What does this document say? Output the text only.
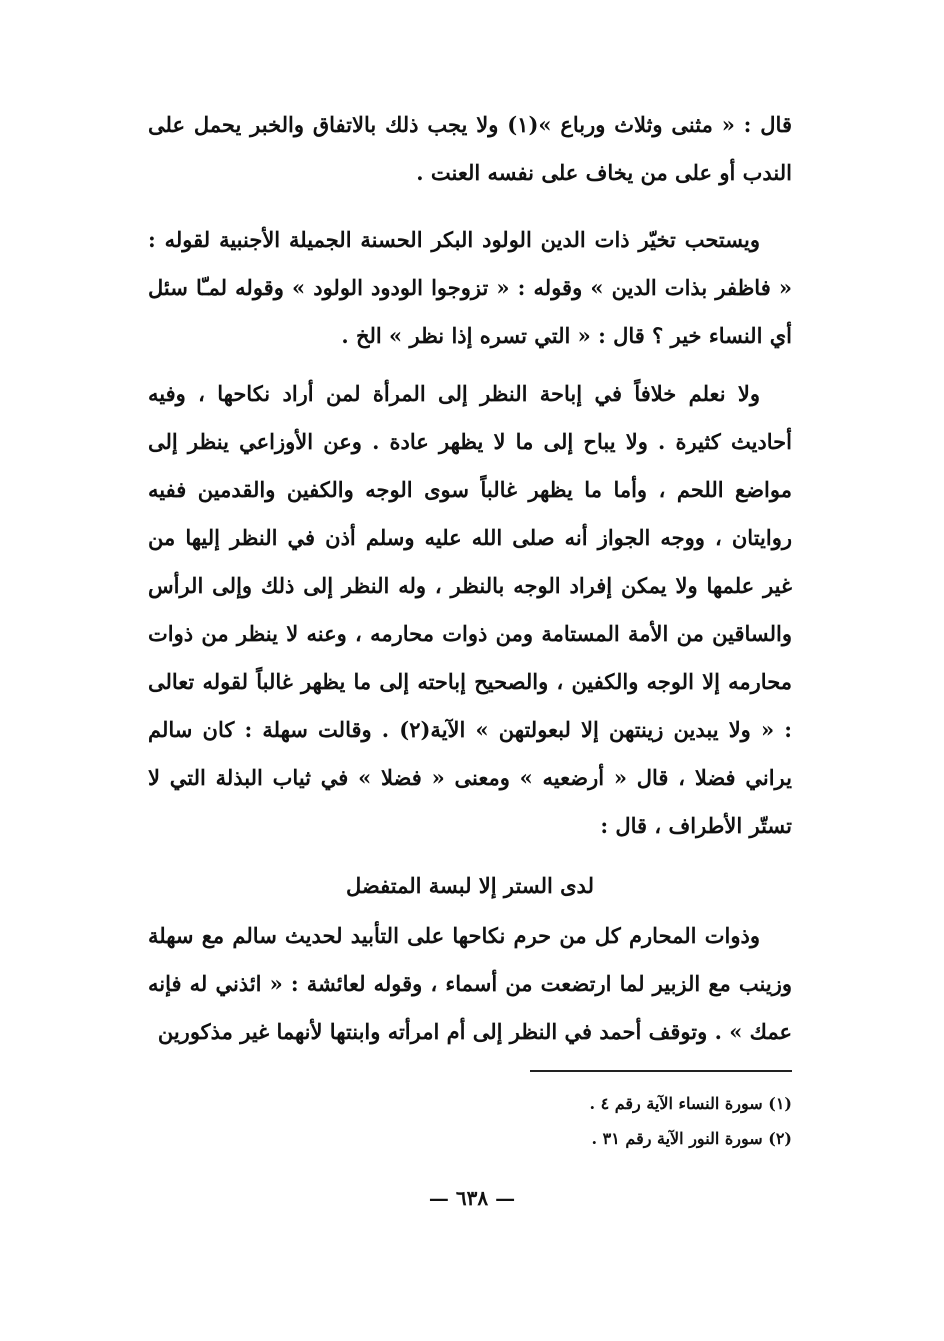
قال : « مثنى وثلاث ورباع »(١) ولا يجب ذلك بالاتفاق والخبر يحمل على الندب أو على من يخاف على نفسه العنت .

ويستحب تخيّر ذات الدين الولود البكر الحسنة الجميلة الأجنبية لقوله : « فاظفر بذات الدين » وقوله : « تزوجوا الودود الولود » وقوله لمـّا سئل أي النساء خير ؟ قال : « التي تسره إذا نظر » الخ .

ولا نعلم خلافاً في إباحة النظر إلى المرأة لمن أراد نكاحها ، وفيه أحاديث كثيرة . ولا يباح إلى ما لا يظهر عادة . وعن الأوزاعي ينظر إلى مواضع اللحم ، وأما ما يظهر غالباً سوى الوجه والكفين والقدمين ففيه روايتان ، ووجه الجواز أنه صلى الله عليه وسلم أذن في النظر إليها من غير علمها ولا يمكن إفراد الوجه بالنظر ، وله النظر إلى ذلك وإلى الرأس والساقين من الأمة المستامة ومن ذوات محارمه ، وعنه لا ينظر من ذوات محارمه إلا الوجه والكفين ، والصحيح إباحته إلى ما يظهر غالباً لقوله تعالى : « ولا يبدين زينتهن إلا لبعولتهن » الآية(٢) . وقالت سهلة : كان سالم يراني فضلا ، قال « أرضعيه » ومعنى « فضلا » في ثياب البذلة التي لا تستّر الأطراف ، قال :

لدى الستر إلا لبسة المتفضل

وذوات المحارم كل من حرم نكاحها على التأبيد لحديث سالم مع سهلة وزينب مع الزبير لما ارتضعت من أسماء ، وقوله لعائشة : « ائذني له فإنه عمك » . وتوقف أحمد في النظر إلى أم امرأته وابنتها لأنهما غير مذكورين

(١) سورة النساء الآية رقم ٤ .
(٢) سورة النور الآية رقم ٣١ .
— ٦٣٨ —
